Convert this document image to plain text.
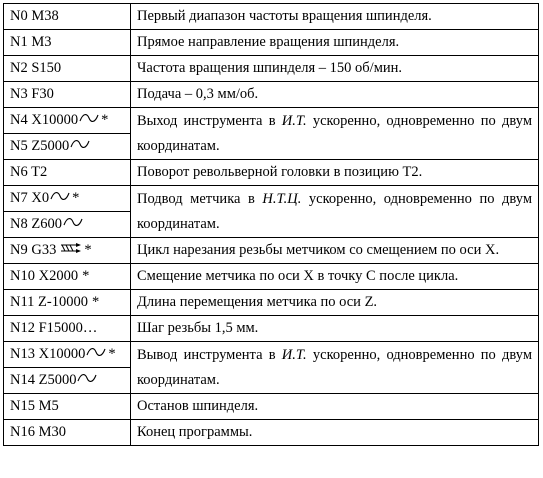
N0 M38	Первый диапазон частоты вращения шпинделя.
N1 M3	Прямое направление вращения шпинделя.
N2 S150	Частота вращения шпинделя – 150 об/мин.
N3 F30	Подача – 0,3 мм/об.
N4 X10000 *	Выход инструмента в И.Т. ускоренно, одновременно по двум координатам.
N5 Z5000	
N6 T2	Поворот револьверной головки в позицию T2.
N7 X0 *	Подвод метчика в Н.Т.Ц. ускоренно, одновременно по двум координатам.
N8 Z600	
N9 G33 *	Цикл нарезания резьбы метчиком со смещением по оси X.
N10 X2000 *	Смещение метчика по оси X в точку С после цикла.
N11 Z-10000 *	Длина перемещения метчика по оси Z.
N12 F15000…	Шаг резьбы 1,5 мм.
N13 X10000 *	Вывод инструмента в И.Т. ускоренно, одновременно по двум координатам.
N14 Z5000	
N15 M5	Останов шпинделя.
N16 M30	Конец программы.
